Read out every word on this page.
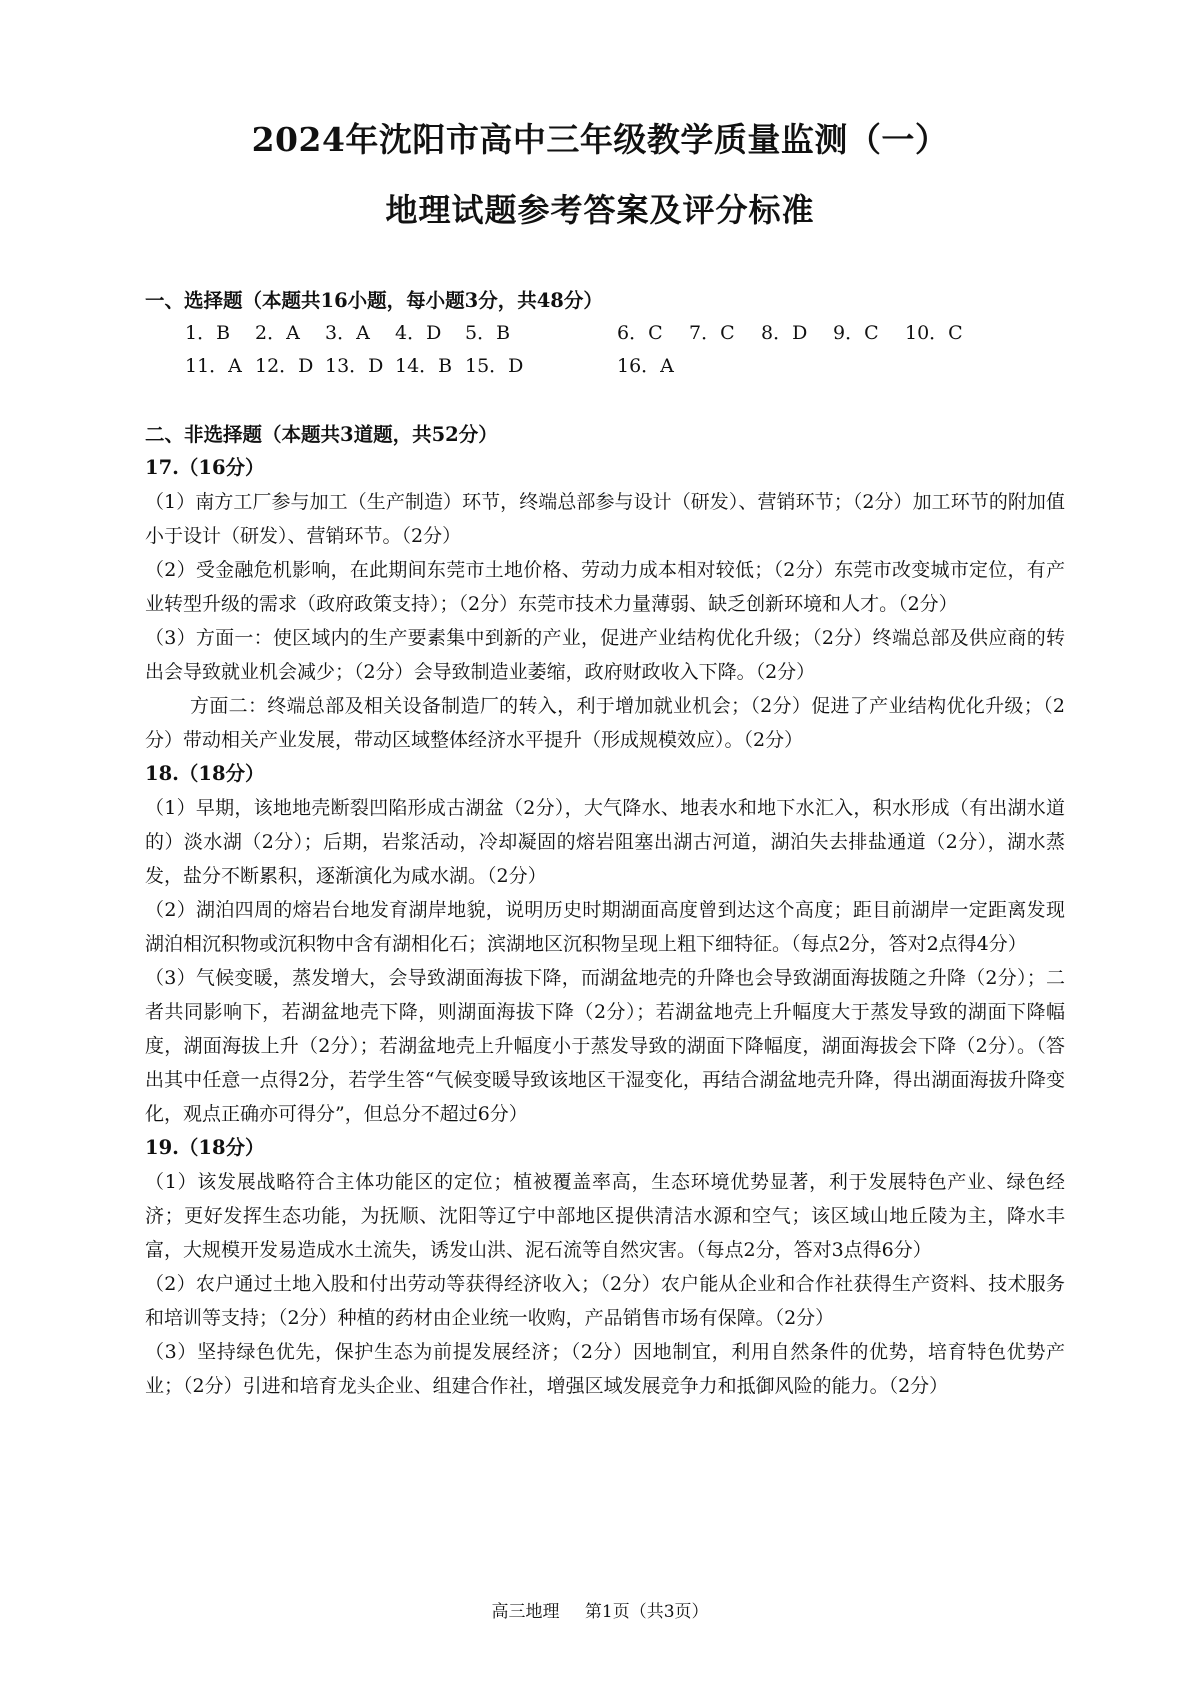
2024年沈阳市高中三年级教学质量监测（一）
地理试题参考答案及评分标准
一、选择题（本题共16小题，每小题3分，共48分）
1．B	2．A	3．A	4．D	5．B	6．C	7．C	8．D	9．C	10．C
11．A 12．D 13．D 14．B 15．D	16．A
二、非选择题（本题共3道题，共52分）
17.（16分）

（1）南方工厂参与加工（生产制造）环节，终端总部参与设计（研发）、营销环节；（2分）加工环节的附加值小于设计（研发）、营销环节。（2分）

（2）受金融危机影响，在此期间东莞市土地价格、劳动力成本相对较低；（2分）东莞市改变城市定位，有产业转型升级的需求（政府政策支持）；（2分）东莞市技术力量薄弱、缺乏创新环境和人才。（2分）

（3）方面一：使区域内的生产要素集中到新的产业，促进产业结构优化升级；（2分）终端总部及供应商的转出会导致就业机会减少；（2分）会导致制造业萎缩，政府财政收入下降。（2分）

方面二：终端总部及相关设备制造厂的转入，利于增加就业机会；（2分）促进了产业结构优化升级；（2分）带动相关产业发展，带动区域整体经济水平提升（形成规模效应）。（2分）

18.（18分）

（1）早期，该地地壳断裂凹陷形成古湖盆（2分），大气降水、地表水和地下水汇入，积水形成（有出湖水道的）淡水湖（2分）；后期，岩浆活动，冷却凝固的熔岩阻塞出湖古河道，湖泊失去排盐通道（2分），湖水蒸发，盐分不断累积，逐渐演化为咸水湖。（2分）

（2）湖泊四周的熔岩台地发育湖岸地貌，说明历史时期湖面高度曾到达这个高度；距目前湖岸一定距离发现湖泊相沉积物或沉积物中含有湖相化石；滨湖地区沉积物呈现上粗下细特征。（每点2分，答对2点得4分）

（3）气候变暖，蒸发增大，会导致湖面海拔下降，而湖盆地壳的升降也会导致湖面海拔随之升降（2分）；二者共同影响下，若湖盆地壳下降，则湖面海拔下降（2分）；若湖盆地壳上升幅度大于蒸发导致的湖面下降幅度，湖面海拔上升（2分）；若湖盆地壳上升幅度小于蒸发导致的湖面下降幅度，湖面海拔会下降（2分）。（答出其中任意一点得2分，若学生答“气候变暖导致该地区干湿变化，再结合湖盆地壳升降，得出湖面海拔升降变化，观点正确亦可得分”，但总分不超过6分）

19.（18分）

（1）该发展战略符合主体功能区的定位；植被覆盖率高，生态环境优势显著，利于发展特色产业、绿色经济；更好发挥生态功能，为抚顺、沈阳等辽宁中部地区提供清洁水源和空气；该区域山地丘陵为主，降水丰富，大规模开发易造成水土流失，诱发山洪、泥石流等自然灾害。（每点2分，答对3点得6分）

（2）农户通过土地入股和付出劳动等获得经济收入；（2分）农户能从企业和合作社获得生产资料、技术服务和培训等支持；（2分）种植的药材由企业统一收购，产品销售市场有保障。（2分）

（3）坚持绿色优先，保护生态为前提发展经济；（2分）因地制宜，利用自然条件的优势，培育特色优势产业；（2分）引进和培育龙头企业、组建合作社，增强区域发展竞争力和抵御风险的能力。（2分）

高三地理 第1页（共3页）
